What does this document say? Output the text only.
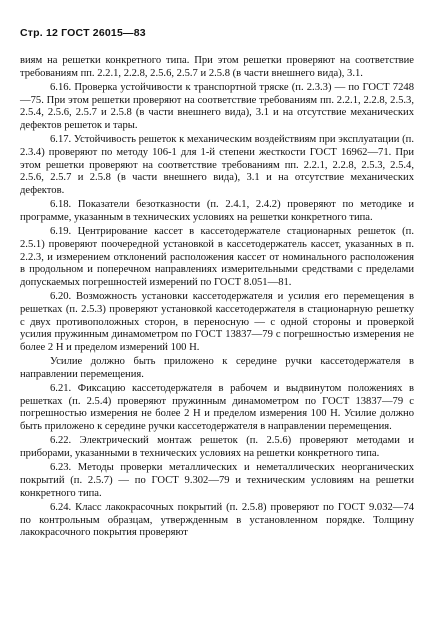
Стр. 12 ГОСТ 26015—83

виям на решетки конкретного типа. При этом решетки проверяют на соответствие требованиям пп. 2.2.1, 2.2.8, 2.5.6, 2.5.7 и 2.5.8 (в части внешнего вида), 3.1.

6.16. Проверка устойчивости к транспортной тряске (п. 2.3.3) — по ГОСТ 7248—75. При этом решетки проверяют на соответствие требованиям пп. 2.2.1, 2.2.8, 2.5.3, 2.5.4, 2.5.6, 2.5.7 и 2.5.8 (в части внешнего вида), 3.1 и на отсутствие механических дефектов решеток и тары.

6.17. Устойчивость решеток к механическим воздействиям при эксплуатации (п. 2.3.4) проверяют по методу 106-1 для 1-й степени жесткости ГОСТ 16962—71. При этом решетки проверяют на соответствие требованиям пп. 2.2.1, 2.2.8, 2.5.3, 2.5.4, 2.5.6, 2.5.7 и 2.5.8 (в части внешнего вида), 3.1 и на отсутствие механических дефектов.

6.18. Показатели безотказности (п. 2.4.1, 2.4.2) проверяют по методике и программе, указанным в технических условиях на решетки конкретного типа.

6.19. Центрирование кассет в кассетодержателе стационарных решеток (п. 2.5.1) проверяют поочередной установкой в кассетодержатель кассет, указанных в п. 2.2.3, и измерением отклонений расположения кассет от номинального расположения в продольном и поперечном направлениях измерительными средствами с пределами допускаемых погрешностей измерений по ГОСТ 8.051—81.

6.20. Возможность установки кассетодержателя и усилия его перемещения в решетках (п. 2.5.3) проверяют установкой кассетодержателя в стационарную решетку с двух противоположных сторон, в переносную — с одной стороны и проверкой усилия пружинным динамометром по ГОСТ 13837—79 с погрешностью измерения не более 2 Н и пределом измерений 100 Н.

Усилие должно быть приложено к середине ручки кассетодержателя в направлении перемещения.

6.21. Фиксацию кассетодержателя в рабочем и выдвинутом положениях в решетках (п. 2.5.4) проверяют пружинным динамометром по ГОСТ 13837—79 с погрешностью измерения не более 2 Н и пределом измерения 100 Н. Усилие должно быть приложено к середине ручки кассетодержателя в направлении перемещения.

6.22. Электрический монтаж решеток (п. 2.5.6) проверяют методами и приборами, указанными в технических условиях на решетки конкретного типа.

6.23. Методы проверки металлических и неметаллических неорганических покрытий (п. 2.5.7) — по ГОСТ 9.302—79 и техническим условиям на решетки конкретного типа.

6.24. Класс лакокрасочных покрытий (п. 2.5.8) проверяют по ГОСТ 9.032—74 по контрольным образцам, утвержденным в установленном порядке. Толщину лакокрасочного покрытия проверяют
